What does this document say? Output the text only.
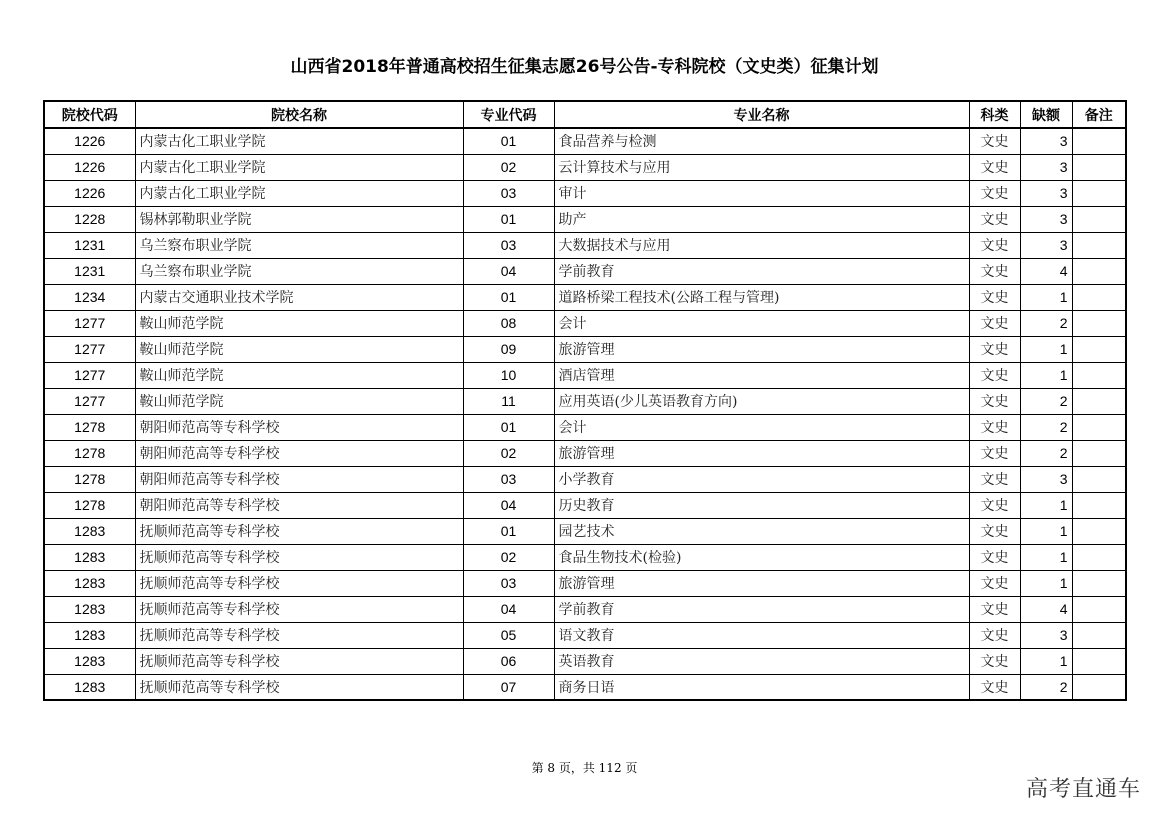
山西省2018年普通高校招生征集志愿26号公告-专科院校（文史类）征集计划
院校代码	院校名称	专业代码	专业名称	科类	缺额	备注
1226	内蒙古化工职业学院	01	食品营养与检测	文史	3	
1226	内蒙古化工职业学院	02	云计算技术与应用	文史	3	
1226	内蒙古化工职业学院	03	审计	文史	3	
1228	锡林郭勒职业学院	01	助产	文史	3	
1231	乌兰察布职业学院	03	大数据技术与应用	文史	3	
1231	乌兰察布职业学院	04	学前教育	文史	4	
1234	内蒙古交通职业技术学院	01	道路桥梁工程技术(公路工程与管理)	文史	1	
1277	鞍山师范学院	08	会计	文史	2	
1277	鞍山师范学院	09	旅游管理	文史	1	
1277	鞍山师范学院	10	酒店管理	文史	1	
1277	鞍山师范学院	11	应用英语(少儿英语教育方向)	文史	2	
1278	朝阳师范高等专科学校	01	会计	文史	2	
1278	朝阳师范高等专科学校	02	旅游管理	文史	2	
1278	朝阳师范高等专科学校	03	小学教育	文史	3	
1278	朝阳师范高等专科学校	04	历史教育	文史	1	
1283	抚顺师范高等专科学校	01	园艺技术	文史	1	
1283	抚顺师范高等专科学校	02	食品生物技术(检验)	文史	1	
1283	抚顺师范高等专科学校	03	旅游管理	文史	1	
1283	抚顺师范高等专科学校	04	学前教育	文史	4	
1283	抚顺师范高等专科学校	05	语文教育	文史	3	
1283	抚顺师范高等专科学校	06	英语教育	文史	1	
1283	抚顺师范高等专科学校	07	商务日语	文史	2	
第 8 页，共 112 页
高考直通车
